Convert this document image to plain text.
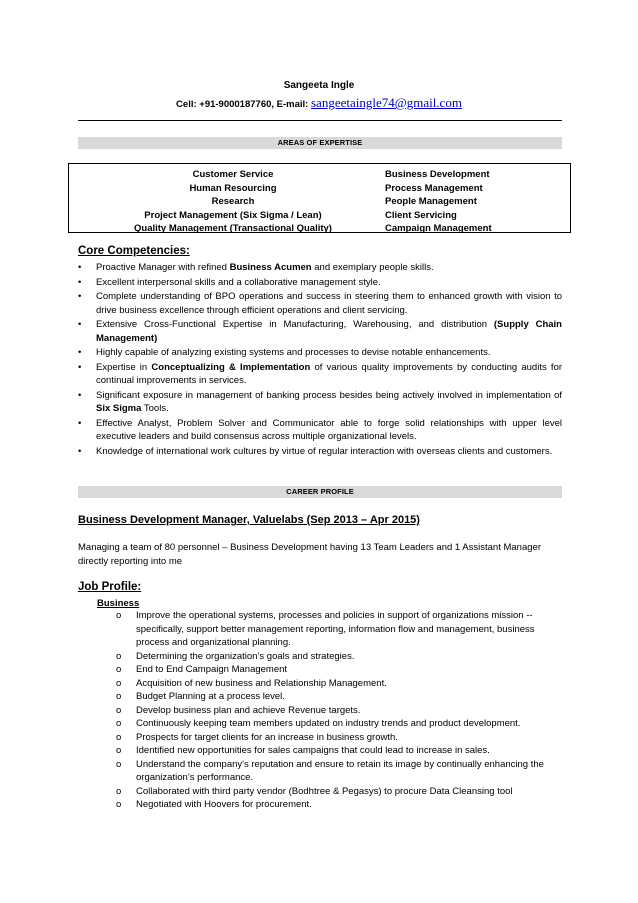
Sangeeta Ingle
Cell: +91-9000187760, E-mail: sangeetaingle74@gmail.com
AREAS OF EXPERTISE
Customer Service
Human Resourcing
Research
Project Management (Six Sigma / Lean)
Quality Management (Transactional Quality)
Business Development
Process Management
People Management
Client Servicing
Campaign Management
Core Competencies:
• Proactive Manager with refined Business Acumen and exemplary people skills.
• Excellent interpersonal skills and a collaborative management style.
• Complete understanding of BPO operations and success in steering them to enhanced growth with vision to drive business excellence through efficient operations and client servicing.
• Extensive Cross-Functional Expertise in Manufacturing, Warehousing, and distribution (Supply Chain Management)
• Highly capable of analyzing existing systems and processes to devise notable enhancements.
• Expertise in Conceptualizing & Implementation of various quality improvements by conducting audits for continual improvements in services.
• Significant exposure in management of banking process besides being actively involved in implementation of Six Sigma Tools.
• Effective Analyst, Problem Solver and Communicator able to forge solid relationships with upper level executive leaders and build consensus across multiple organizational levels.
• Knowledge of international work cultures by virtue of regular interaction with overseas clients and customers.
CAREER PROFILE
Business Development Manager, Valuelabs (Sep 2013 – Apr 2015)
Managing a team of 80 personnel – Business Development having 13 Team Leaders and 1 Assistant Manager directly reporting into me
Job Profile:
Business
o Improve the operational systems, processes and policies in support of organizations mission -- specifically, support better management reporting, information flow and management, business process and organizational planning.
o Determining the organization’s goals and strategies.
o End to End Campaign Management
o Acquisition of new business and Relationship Management.
o Budget Planning at a process level.
o Develop business plan and achieve Revenue targets.
o Continuously keeping team members updated on industry trends and product development.
o Prospects for target clients for an increase in business growth.
o Identified new opportunities for sales campaigns that could lead to increase in sales.
o Understand the company's reputation and ensure to retain its image by continually enhancing the organization’s performance.
o Collaborated with third party vendor (Bodhtree & Pegasys) to procure Data Cleansing tool
o Negotiated with Hoovers for procurement.
